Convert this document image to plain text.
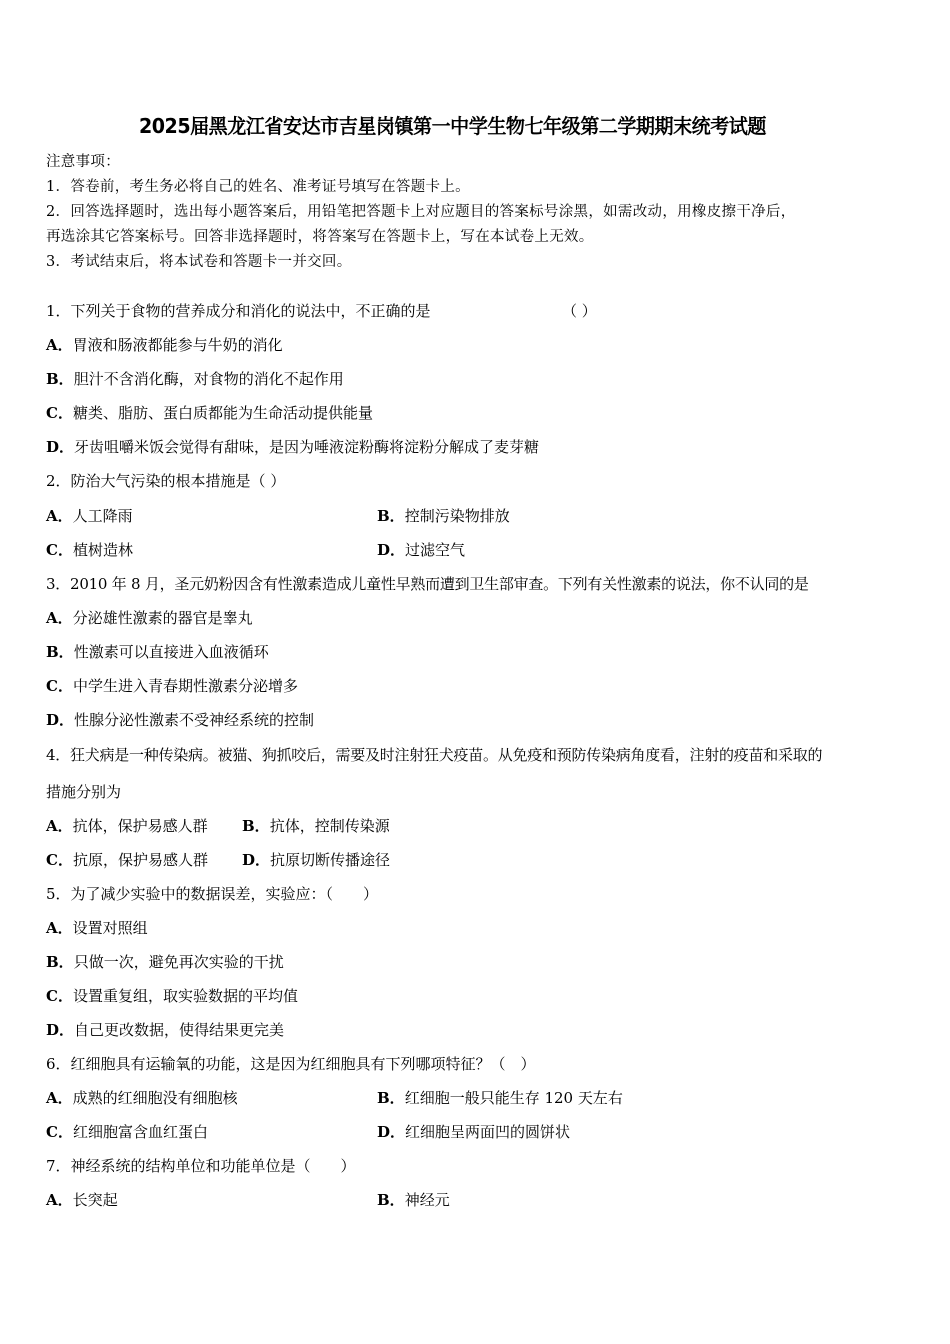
2025届黑龙江省安达市吉星岗镇第一中学生物七年级第二学期期末统考试题
注意事项：
1．答卷前，考生务必将自己的姓名、准考证号填写在答题卡上。
2．回答选择题时，选出每小题答案后，用铅笔把答题卡上对应题目的答案标号涂黑，如需改动，用橡皮擦干净后，
再选涂其它答案标号。回答非选择题时，将答案写在答题卡上，写在本试卷上无效。
3．考试结束后，将本试卷和答题卡一并交回。
1．下列关于食物的营养成分和消化的说法中，不正确的是	（ ）
A．胃液和肠液都能参与牛奶的消化
B．胆汁不含消化酶，对食物的消化不起作用
C．糖类、脂肪、蛋白质都能为生命活动提供能量
D．牙齿咀嚼米饭会觉得有甜味，是因为唾液淀粉酶将淀粉分解成了麦芽糖
2．防治大气污染的根本措施是（ ）
A．人工降雨	B．控制污染物排放
C．植树造林	D．过滤空气
3．2010 年 8 月，圣元奶粉因含有性激素造成儿童性早熟而遭到卫生部审查。下列有关性激素的说法，你不认同的是
A．分泌雄性激素的器官是睾丸
B．性激素可以直接进入血液循环
C．中学生进入青春期性激素分泌增多
D．性腺分泌性激素不受神经系统的控制
4．狂犬病是一种传染病。被猫、狗抓咬后，需要及时注射狂犬疫苗。从免疫和预防传染病角度看，注射的疫苗和采取的
措施分别为
A．抗体，保护易感人群 B．抗体，控制传染源
C．抗原，保护易感人群 D．抗原切断传播途径
5．为了减少实验中的数据误差，实验应：（　　）
A．设置对照组
B．只做一次，避免再次实验的干扰
C．设置重复组，取实验数据的平均值
D．自己更改数据，使得结果更完美
6．红细胞具有运输氧的功能，这是因为红细胞具有下列哪项特征？（　）
A．成熟的红细胞没有细胞核	B．红细胞一般只能生存 120 天左右
C．红细胞富含血红蛋白	D．红细胞呈两面凹的圆饼状
7．神经系统的结构单位和功能单位是（　　）
A．长突起	B．神经元
